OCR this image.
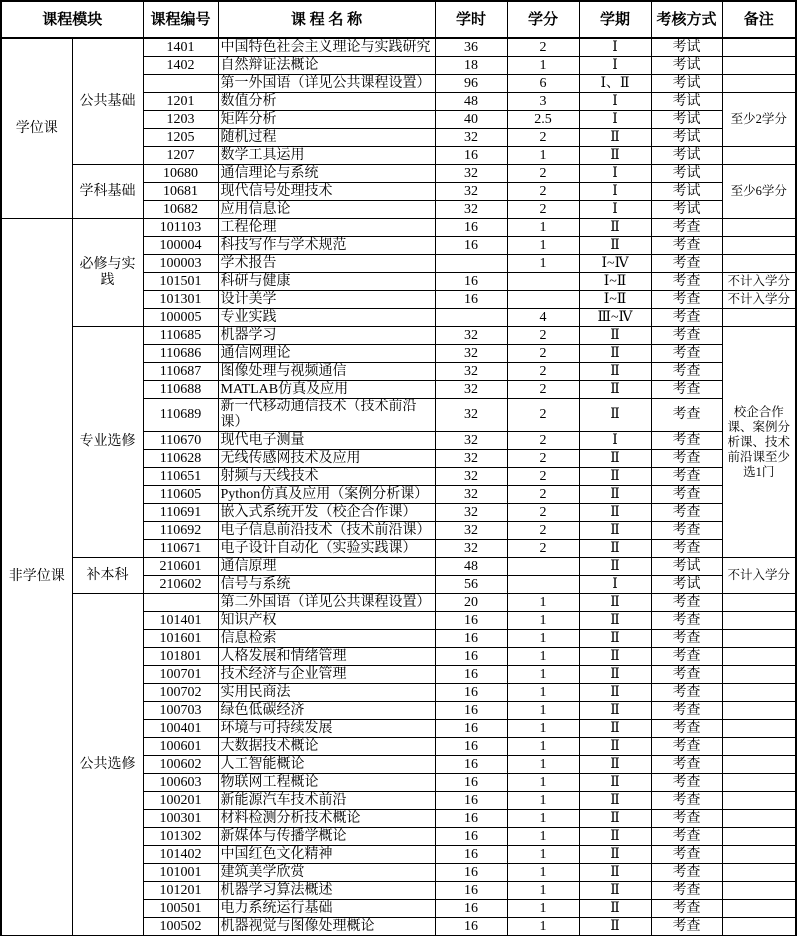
课程模块		课程编号	课 程 名 称	学时	学分	学期	考核方式	备注
学位课	公共基础	1401	中国特色社会主义理论与实践研究	36	2	Ⅰ	考试	
		1402	自然辩证法概论	18	1	Ⅰ	考试	
			第一外国语（详见公共课程设置）	96	6	Ⅰ、Ⅱ	考试	
		1201	数值分析	48	3	Ⅰ	考试	至少2学分
		1203	矩阵分析	40	2.5	Ⅰ	考试	
		1205	随机过程	32	2	Ⅱ	考试	
		1207	数学工具运用	16	1	Ⅱ	考试	
	学科基础	10680	通信理论与系统	32	2	Ⅰ	考试	至少6学分
		10681	现代信号处理技术	32	2	Ⅰ	考试	
		10682	应用信息论	32	2	Ⅰ	考试	
非学位课	必修与实践	101103	工程伦理	16	1	Ⅱ	考查	
		100004	科技写作与学术规范	16	1	Ⅱ	考查	
		100003	学术报告		1	Ⅰ~Ⅳ	考查	
		101501	科研与健康	16		Ⅰ~Ⅱ	考查	不计入学分
		101301	设计美学	16		Ⅰ~Ⅱ	考查	不计入学分
		100005	专业实践		4	Ⅲ~Ⅳ	考查	
	专业选修	110685	机器学习	32	2	Ⅱ	考查	校企合作课、案例分析课、技术前沿课至少选1门
		110686	通信网理论	32	2	Ⅱ	考查	
		110687	图像处理与视频通信	32	2	Ⅱ	考查	
		110688	MATLAB仿真及应用	32	2	Ⅱ	考查	
		110689	新一代移动通信技术（技术前沿课）	32	2	Ⅱ	考查	
		110670	现代电子测量	32	2	Ⅰ	考查	
		110628	无线传感网技术及应用	32	2	Ⅱ	考查	
		110651	射频与天线技术	32	2	Ⅱ	考查	
		110605	Python仿真及应用（案例分析课）	32	2	Ⅱ	考查	
		110691	嵌入式系统开发（校企合作课）	32	2	Ⅱ	考查	
		110692	电子信息前沿技术（技术前沿课）	32	2	Ⅱ	考查	
		110671	电子设计自动化（实验实践课）	32	2	Ⅱ	考查	
	补本科	210601	通信原理	48		Ⅱ	考试	不计入学分
		210602	信号与系统	56		Ⅰ	考试	
	公共选修		第二外国语（详见公共课程设置）	20	1	Ⅱ	考查	
		101401	知识产权	16	1	Ⅱ	考查	
		101601	信息检索	16	1	Ⅱ	考查	
		101801	人格发展和情绪管理	16	1	Ⅱ	考查	
		100701	技术经济与企业管理	16	1	Ⅱ	考查	
		100702	实用民商法	16	1	Ⅱ	考查	
		100703	绿色低碳经济	16	1	Ⅱ	考查	
		100401	环境与可持续发展	16	1	Ⅱ	考查	
		100601	大数据技术概论	16	1	Ⅱ	考查	
		100602	人工智能概论	16	1	Ⅱ	考查	
		100603	物联网工程概论	16	1	Ⅱ	考查	
		100201	新能源汽车技术前沿	16	1	Ⅱ	考查	
		100301	材料检测分析技术概论	16	1	Ⅱ	考查	
		101302	新媒体与传播学概论	16	1	Ⅱ	考查	
		101402	中国红色文化精神	16	1	Ⅱ	考查	
		101001	建筑美学欣赏	16	1	Ⅱ	考查	
		101201	机器学习算法概述	16	1	Ⅱ	考查	
		100501	电力系统运行基础	16	1	Ⅱ	考查	
		100502	机器视觉与图像处理概论	16	1	Ⅱ	考查	
